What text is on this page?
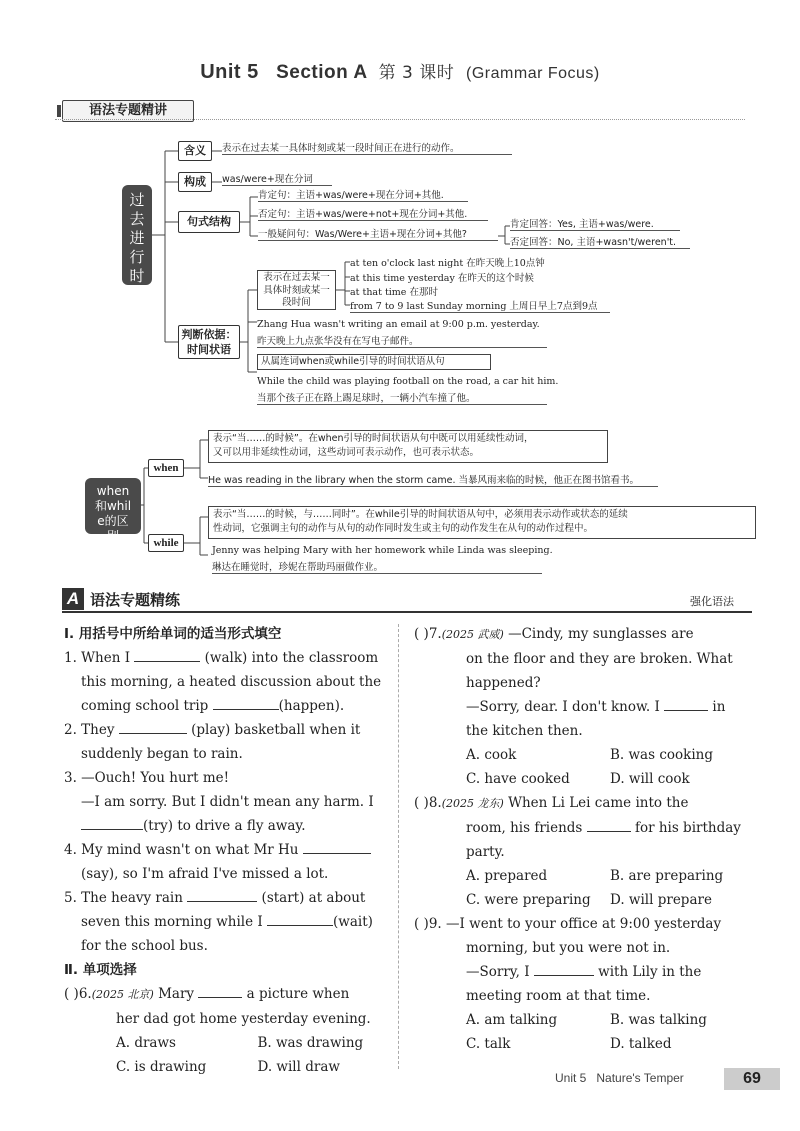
Unit 5 Section A 第 3 课时 (Grammar Focus)
语法专题精讲
过去进行时
含义	表示在过去某一具体时刻或某一段时间正在进行的动作。
构成	was/were+现在分词
句式结构
肯定句：主语+was/were+现在分词+其他.
否定句：主语+was/were+not+现在分词+其他.
一般疑问句：Was/Were+主语+现在分词+其他?
肯定回答：Yes, 主语+was/were.
否定回答：No, 主语+wasn't/weren't.
判断依据：时间状语
表示在过去某一具体时刻或某一段时间
at ten o'clock last night 在昨天晚上10点钟
at this time yesterday 在昨天的这个时候
at that time 在那时
from 7 to 9 last Sunday morning 上周日早上7点到9点
Zhang Hua wasn't writing an email at 9:00 p.m. yesterday.
昨天晚上九点张华没有在写电子邮件。
从属连词when或while引导的时间状语从句
While the child was playing football on the road, a car hit him.
当那个孩子正在路上踢足球时，一辆小汽车撞了他。
when和while的区别
when
while
表示“当……的时候”。在when引导的时间状语从句中既可以用延续性动词，
又可以用非延续性动词，这些动词可表示动作，也可表示状态。
He was reading in the library when the storm came. 当暴风雨来临的时候，他正在图书馆看书。
表示“当……的时候，与……同时”。在while引导的时间状语从句中，必须用表示动作或状态的延续
性动词，它强调主句的动作与从句的动作同时发生或主句的动作发生在从句的动作过程中。
Jenny was helping Mary with her homework while Linda was sleeping.
琳达在睡觉时，珍妮在帮助玛丽做作业。
A 语法专题精练	强化语法
Ⅰ. 用括号中所给单词的适当形式填空
1. When I	(walk) into the classroom
this morning, a heated discussion about the
coming school trip	(happen).
2. They	(play) basketball when it
suddenly began to rain.
3. —Ouch! You hurt me!
—I am sorry. But I didn't mean any harm. I
(try) to drive a fly away.
4. My mind wasn't on what Mr Hu
(say), so I'm afraid I've missed a lot.
5. The heavy rain	(start) at about
seven this morning while I	(wait)
for the school bus.
Ⅱ. 单项选择
( )6.(2025 北京) Mary	a picture when
her dad got home yesterday evening.
A. draws	B. was drawing
C. is drawing	D. will draw
( )7.(2025 武威) —Cindy, my sunglasses are
on the floor and they are broken. What
happened?
—Sorry, dear. I don't know. I	in
the kitchen then.
A. cook	B. was cooking
C. have cooked	D. will cook
( )8.(2025 龙东) When Li Lei came into the
room, his friends	for his birthday
party.
A. prepared	B. are preparing
C. were preparing	D. will prepare
( )9. —I went to your office at 9:00 yesterday
morning, but you were not in.
—Sorry, I	with Lily in the
meeting room at that time.
A. am talking	B. was talking
C. talk	D. talked
Unit 5   Nature's Temper	69
